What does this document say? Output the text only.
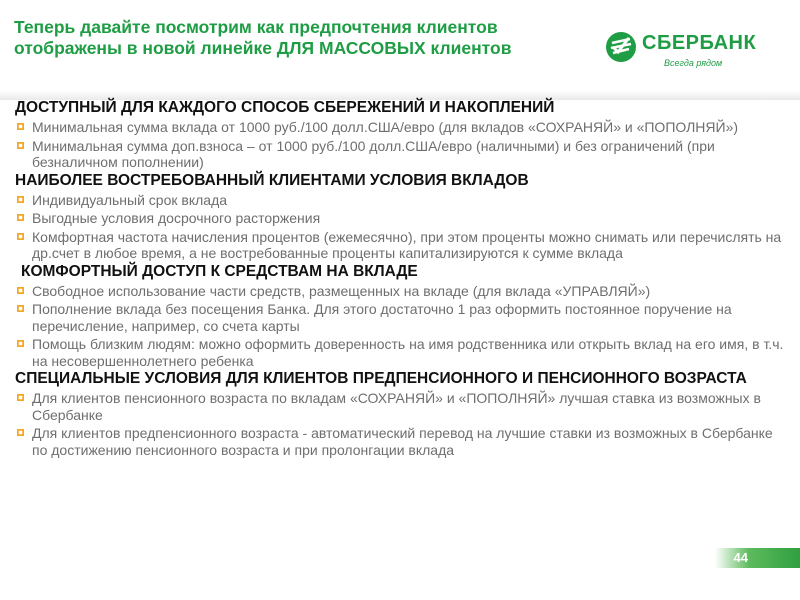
Теперь давайте посмотрим как предпочтения клиентов отображены в новой линейке ДЛЯ МАССОВЫХ клиентов	СБЕРБАНК
Всегда рядом
ДОСТУПНЫЙ ДЛЯ КАЖДОГО СПОСОБ СБЕРЕЖЕНИЙ И НАКОПЛЕНИЙ
Минимальная сумма вклада от 1000 руб./100 долл.США/евро (для вкладов «СОХРАНЯЙ» и «ПОПОЛНЯЙ»)
Минимальная сумма доп.взноса – от 1000 руб./100 долл.США/евро (наличными) и без ограничений (при безналичном пополнении)
НАИБОЛЕЕ ВОСТРЕБОВАННЫЙ КЛИЕНТАМИ УСЛОВИЯ ВКЛАДОВ
Индивидуальный срок вклада
Выгодные условия досрочного расторжения
Комфортная частота начисления процентов (ежемесячно), при этом проценты можно снимать или перечислять на др.счет в любое время, а не востребованные проценты капитализируются к сумме вклада
КОМФОРТНЫЙ ДОСТУП К СРЕДСТВАМ НА ВКЛАДЕ
Свободное использование части средств, размещенных на вкладе (для вклада «УПРАВЛЯЙ»)
Пополнение вклада без посещения Банка. Для этого достаточно 1 раз оформить постоянное поручение на перечисление, например, со счета карты
Помощь близким людям: можно оформить доверенность на имя родственника или открыть вклад на его имя, в т.ч. на несовершеннолетнего ребенка
СПЕЦИАЛЬНЫЕ УСЛОВИЯ ДЛЯ КЛИЕНТОВ ПРЕДПЕНСИОННОГО И ПЕНСИОННОГО ВОЗРАСТА
Для клиентов пенсионного возраста по вкладам «СОХРАНЯЙ» и «ПОПОЛНЯЙ» лучшая ставка из возможных в Сбербанке
Для клиентов предпенсионного возраста - автоматический перевод на лучшие ставки из возможных в Сбербанке по достижению пенсионного возраста и при пролонгации вклада
44
